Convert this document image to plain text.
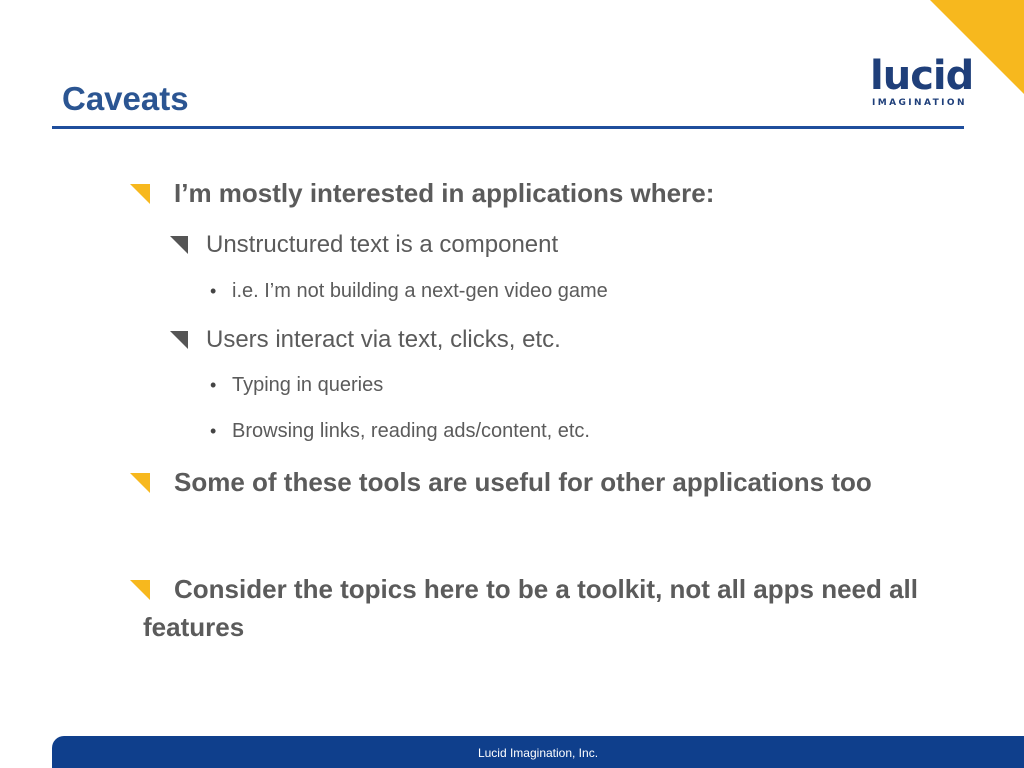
lucid
IMAGINATION
Caveats

I’m mostly interested in applications where:

Unstructured text is a component

• i.e. I’m not building a next-gen video game

Users interact via text, clicks, etc.

• Typing in queries

• Browsing links, reading ads/content, etc.

Some of these tools are useful for other applications too

Consider the topics here to be a toolkit, not all apps need all

features

Lucid Imagination, Inc.
